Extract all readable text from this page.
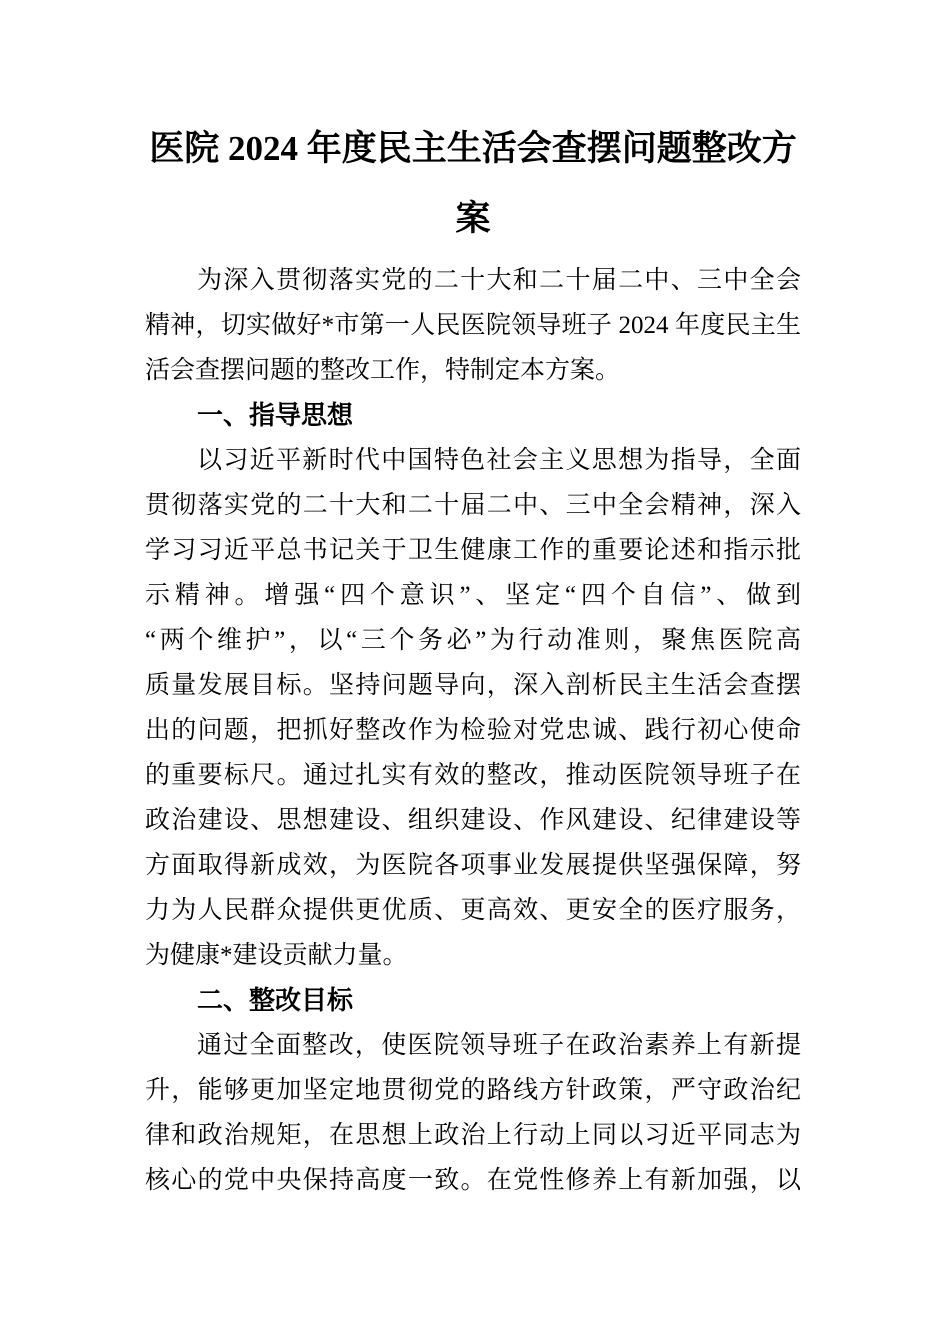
医院 2024 年度民主生活会查摆问题整改方
案
为深入贯彻落实党的二十大和二十届二中、三中全会
精神，切实做好*市第一人民医院领导班子 2024 年度民主生
活会查摆问题的整改工作，特制定本方案。
一、指导思想
以习近平新时代中国特色社会主义思想为指导，全面
贯彻落实党的二十大和二十届二中、三中全会精神，深入
学习习近平总书记关于卫生健康工作的重要论述和指示批
示精神。增强“四个意识”、坚定“四个自信”、做到
“两个维护”，以“三个务必”为行动准则，聚焦医院高
质量发展目标。坚持问题导向，深入剖析民主生活会查摆
出的问题，把抓好整改作为检验对党忠诚、践行初心使命
的重要标尺。通过扎实有效的整改，推动医院领导班子在
政治建设、思想建设、组织建设、作风建设、纪律建设等
方面取得新成效，为医院各项事业发展提供坚强保障，努
力为人民群众提供更优质、更高效、更安全的医疗服务，
为健康*建设贡献力量。
二、整改目标
通过全面整改，使医院领导班子在政治素养上有新提
升，能够更加坚定地贯彻党的路线方针政策，严守政治纪
律和政治规矩，在思想上政治上行动上同以习近平同志为
核心的党中央保持高度一致。在党性修养上有新加强，以
